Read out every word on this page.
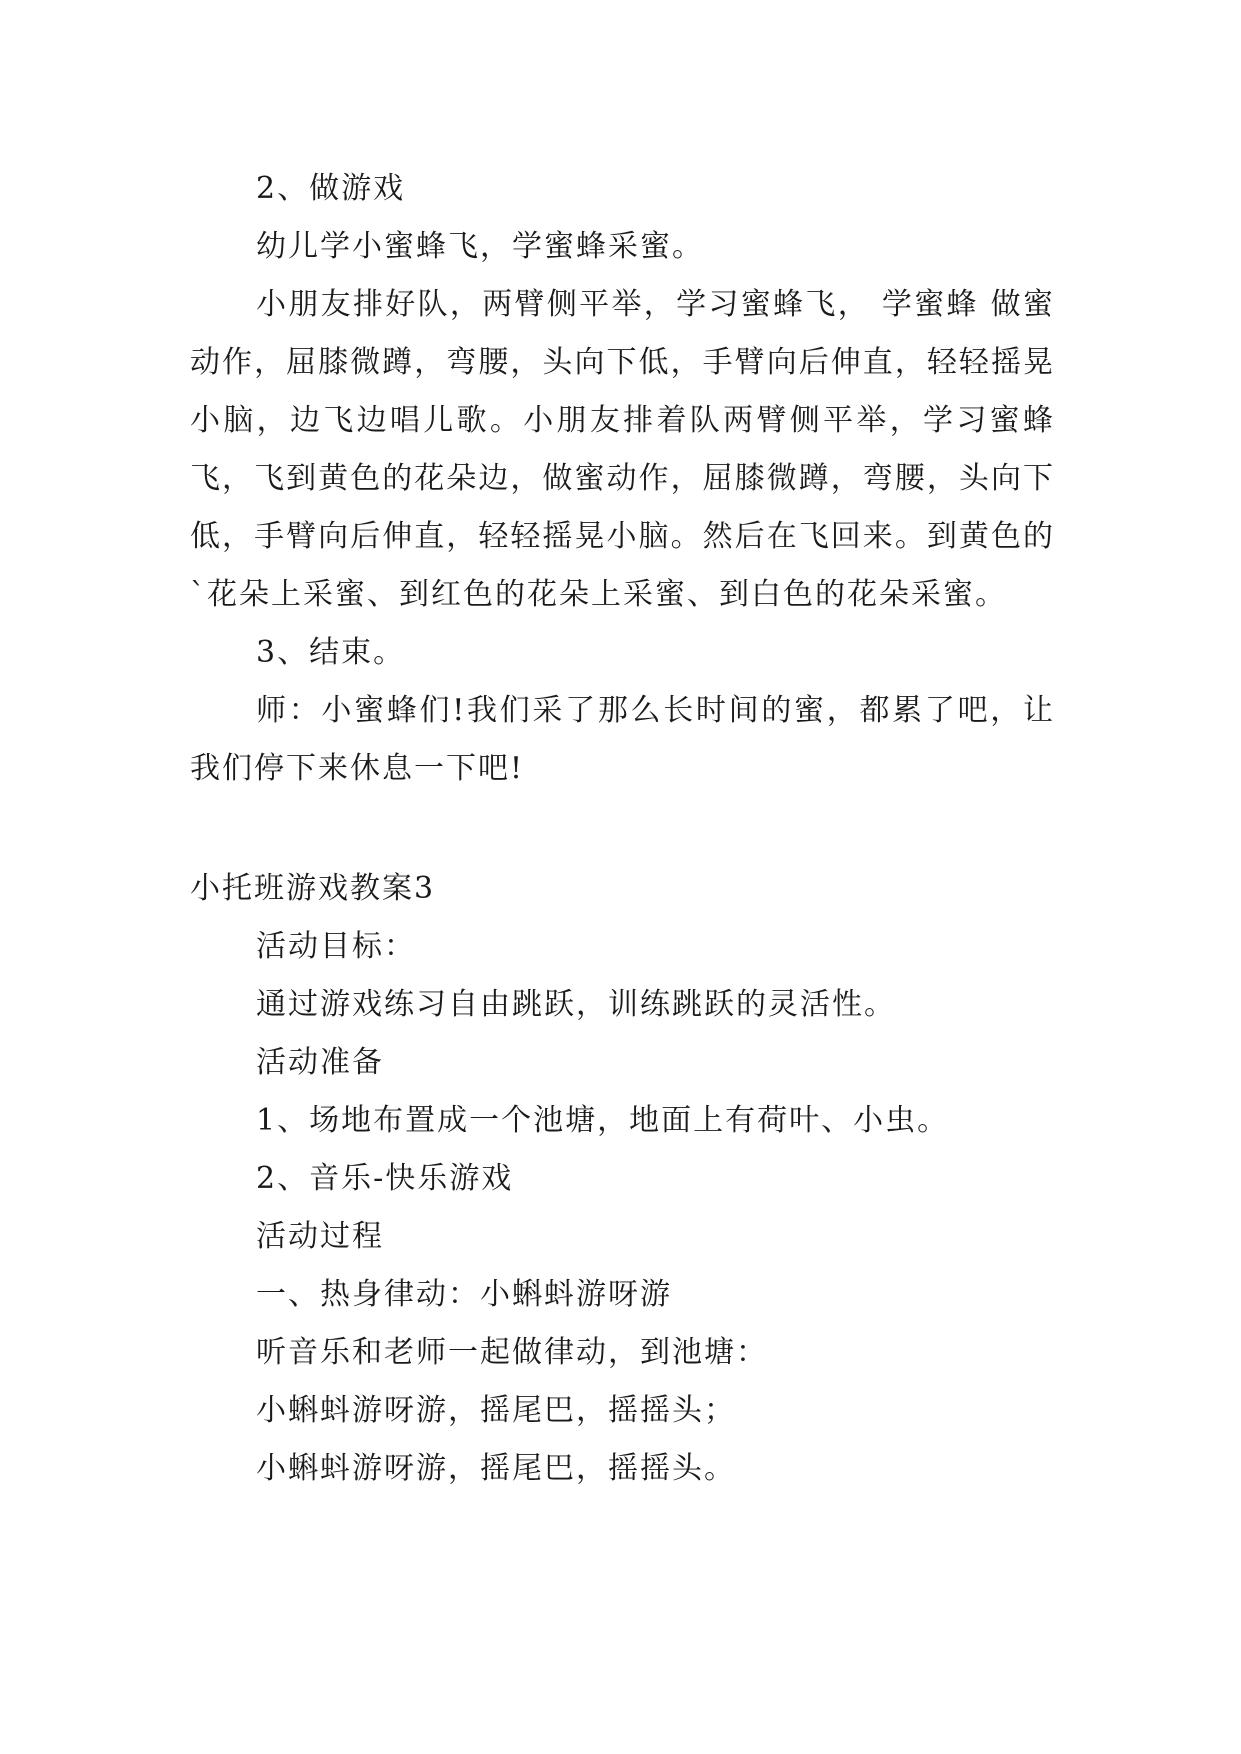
2、做游戏

幼儿学小蜜蜂飞，学蜜蜂采蜜。

小朋友排好队，两臂侧平举，学习蜜蜂飞， 学蜜蜂 做蜜动作，屈膝微蹲，弯腰，头向下低，手臂向后伸直，轻轻摇晃小脑，边飞边唱儿歌。小朋友排着队两臂侧平举，学习蜜蜂飞，飞到黄色的花朵边，做蜜动作，屈膝微蹲，弯腰，头向下低，手臂向后伸直，轻轻摇晃小脑。然后在飞回来。到黄色的`花朵上采蜜、到红色的花朵上采蜜、到白色的花朵采蜜。

3、结束。

师：小蜜蜂们!我们采了那么长时间的蜜，都累了吧，让我们停下来休息一下吧!

小托班游戏教案3

活动目标：

通过游戏练习自由跳跃，训练跳跃的灵活性。

活动准备

1、场地布置成一个池塘，地面上有荷叶、小虫。

2、音乐-快乐游戏

活动过程

一、热身律动：小蝌蚪游呀游

听音乐和老师一起做律动，到池塘：

小蝌蚪游呀游，摇尾巴，摇摇头；

小蝌蚪游呀游，摇尾巴，摇摇头。
